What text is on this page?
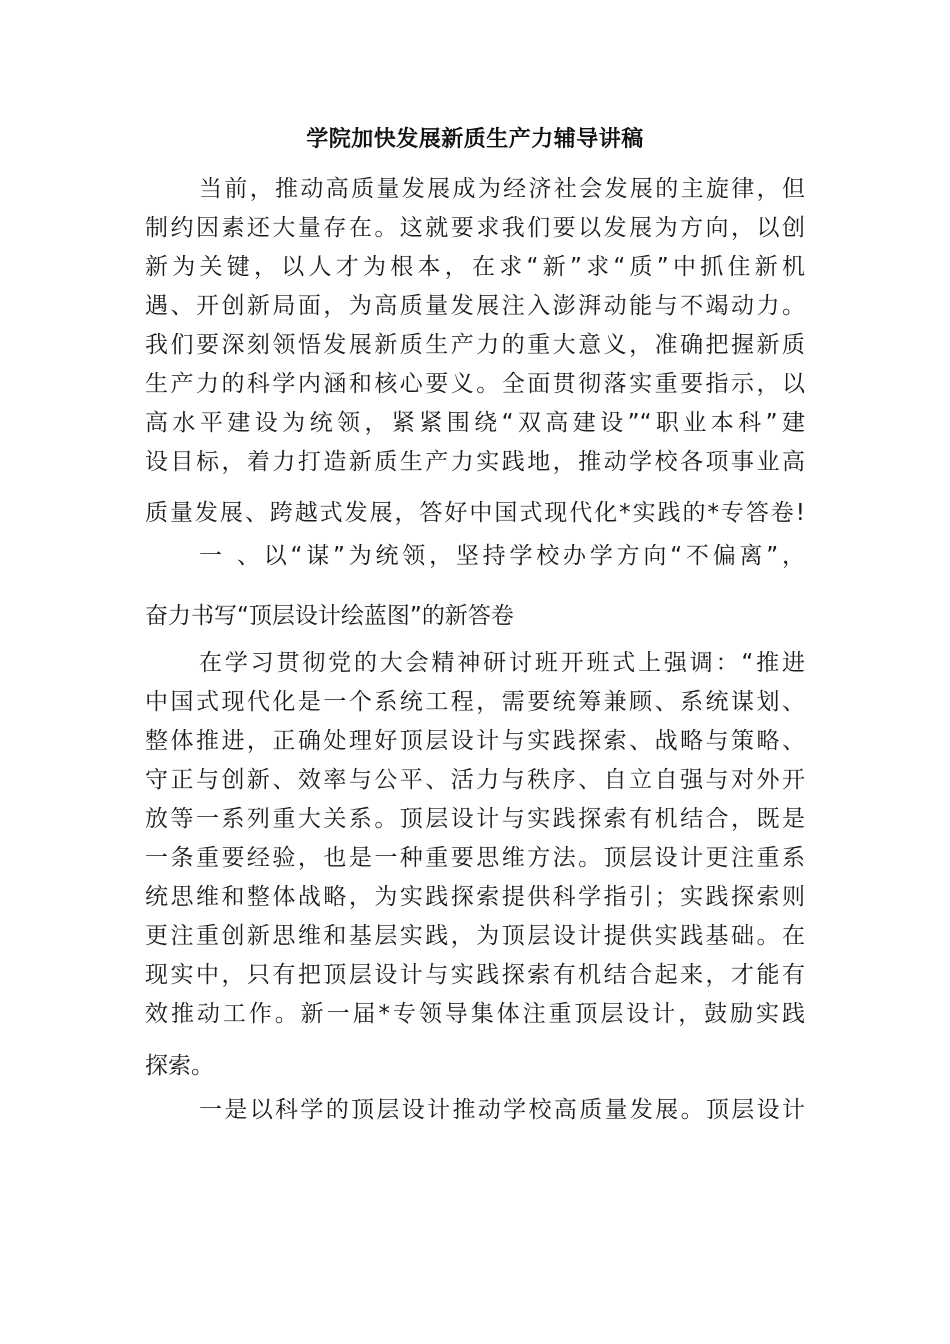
学院加快发展新质生产力辅导讲稿
当前，推动高质量发展成为经济社会发展的主旋律，但
制约因素还大量存在。这就要求我们要以发展为方向，以创
新为关键，以人才为根本，在求“新”求“质”中抓住新机
遇、开创新局面，为高质量发展注入澎湃动能与不竭动力。
我们要深刻领悟发展新质生产力的重大意义，准确把握新质
生产力的科学内涵和核心要义。全面贯彻落实重要指示，以
高水平建设为统领，紧紧围绕“双高建设”“职业本科”建
设目标，着力打造新质生产力实践地，推动学校各项事业高
质量发展、跨越式发展，答好中国式现代化*实践的*专答卷!
一 、以“谋”为统领，坚持学校办学方向“不偏离”，
奋力书写“顶层设计绘蓝图”的新答卷
在学习贯彻党的大会精神研讨班开班式上强调：“推进
中国式现代化是一个系统工程，需要统筹兼顾、系统谋划、
整体推进，正确处理好顶层设计与实践探索、战略与策略、
守正与创新、效率与公平、活力与秩序、自立自强与对外开
放等一系列重大关系。顶层设计与实践探索有机结合，既是
一条重要经验，也是一种重要思维方法。顶层设计更注重系
统思维和整体战略，为实践探索提供科学指引；实践探索则
更注重创新思维和基层实践，为顶层设计提供实践基础。在
现实中，只有把顶层设计与实践探索有机结合起来，才能有
效推动工作。新一届*专领导集体注重顶层设计，鼓励实践
探索。
一是以科学的顶层设计推动学校高质量发展。顶层设计
